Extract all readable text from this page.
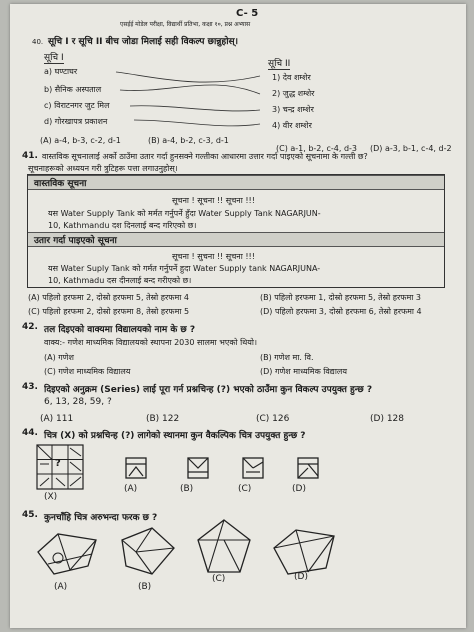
C- 5
एसईई मोडेल परीक्षा, विद्यार्थी प्रतिभा, कक्षा १०, प्रश्न अभ्यास
40. सूचि I र सूचि II बीच जोडा मिलाई सही विकल्प छान्नुहोस्।
सूचि I
सूचि II
a) घण्टाघर
b) सैनिक अस्पताल
c) विराटनगर जुट मिल
d) गोरखापत्र प्रकाशन
1) देव शम्शेर
2) जुद्ध शम्शेर
3) चन्द्र शम्शेर
4) वीर शम्शेर
(A) a-4, b-3, c-2, d-1	(B) a-4, b-2, c-3, d-1
(C) a-1, b-2, c-4, d-3 (D) a-3, b-1, c-4, d-2
41. वास्तविक सूचनालाई अर्को ठाउँमा उतार गर्दा हुनसक्ने गल्तीका आधारमा उत्तार गर्दा पाइएको सूचनामा के गल्ती छ?
सूचनाहरूको अध्ययन गरी त्रुटिहरू पत्ता लगाउनुहोस्।
वास्तविक सूचना
सूचना ! सूचना !! सूचना !!!
यस Water Supply Tank को मर्मत गर्नुपर्ने हुँदा Water Supply Tank NAGARJUN-
10, Kathmandu दश दिनलाई बन्द गरिएको छ।
उतार गर्दा पाइएको सूचना
सूचना ! सुचना !! सूचना !!!
यस Water Suply Tank को गर्मत गर्नुपर्ने हुदा Water Supply tank NAGARJUNA-
10, Kathmadu दस दीनलाई बन्द गरीएको छ।
(A) पहिलो हरफमा 2, दोस्रो हरफमा 5, तेस्रो हरफमा 4	(B) पहिलो हरफमा 1, दोस्रो हरफमा 5, तेस्रो हरफमा 3
(C) पहिलो हरफमा 2, दोस्रो हरफमा 8, तेस्रो हरफमा 5	(D) पहिलो हरफमा 3, दोस्रो हरफमा 6, तेस्रो हरफमा 4
42. तल दिइएको वाक्यमा विद्यालयको नाम के छ ?
वाक्य:- गणेश माध्यमिक विद्यालयको स्थापना 2030 सालमा भएको थियो।
(A) गणेश	(B) गणेश मा. वि.
(C) गणेश माध्यमिक विद्यालय	(D) गणेश माध्यमिक विद्यालय
43. दिइएको अनुक्रम (Series) लाई पूरा गर्न प्रश्नचिन्ह (?) भएको ठाउँमा कुन विकल्प उपयुक्त हुन्छ ?
6, 13, 28, 59, ?
(A) 111	(B) 122	(C) 126	(D) 128
44. चित्र (X) को प्रश्नचिन्ह (?) लागेको स्थानमा कुन वैकल्पिक चित्र उपयुक्त हुन्छ ?
?
(X)
(A)	(B)	(C)	(D)
45. कुनचाँहि चित्र अरुभन्दा फरक छ ?
(A)	(B)
(C)	(D)
